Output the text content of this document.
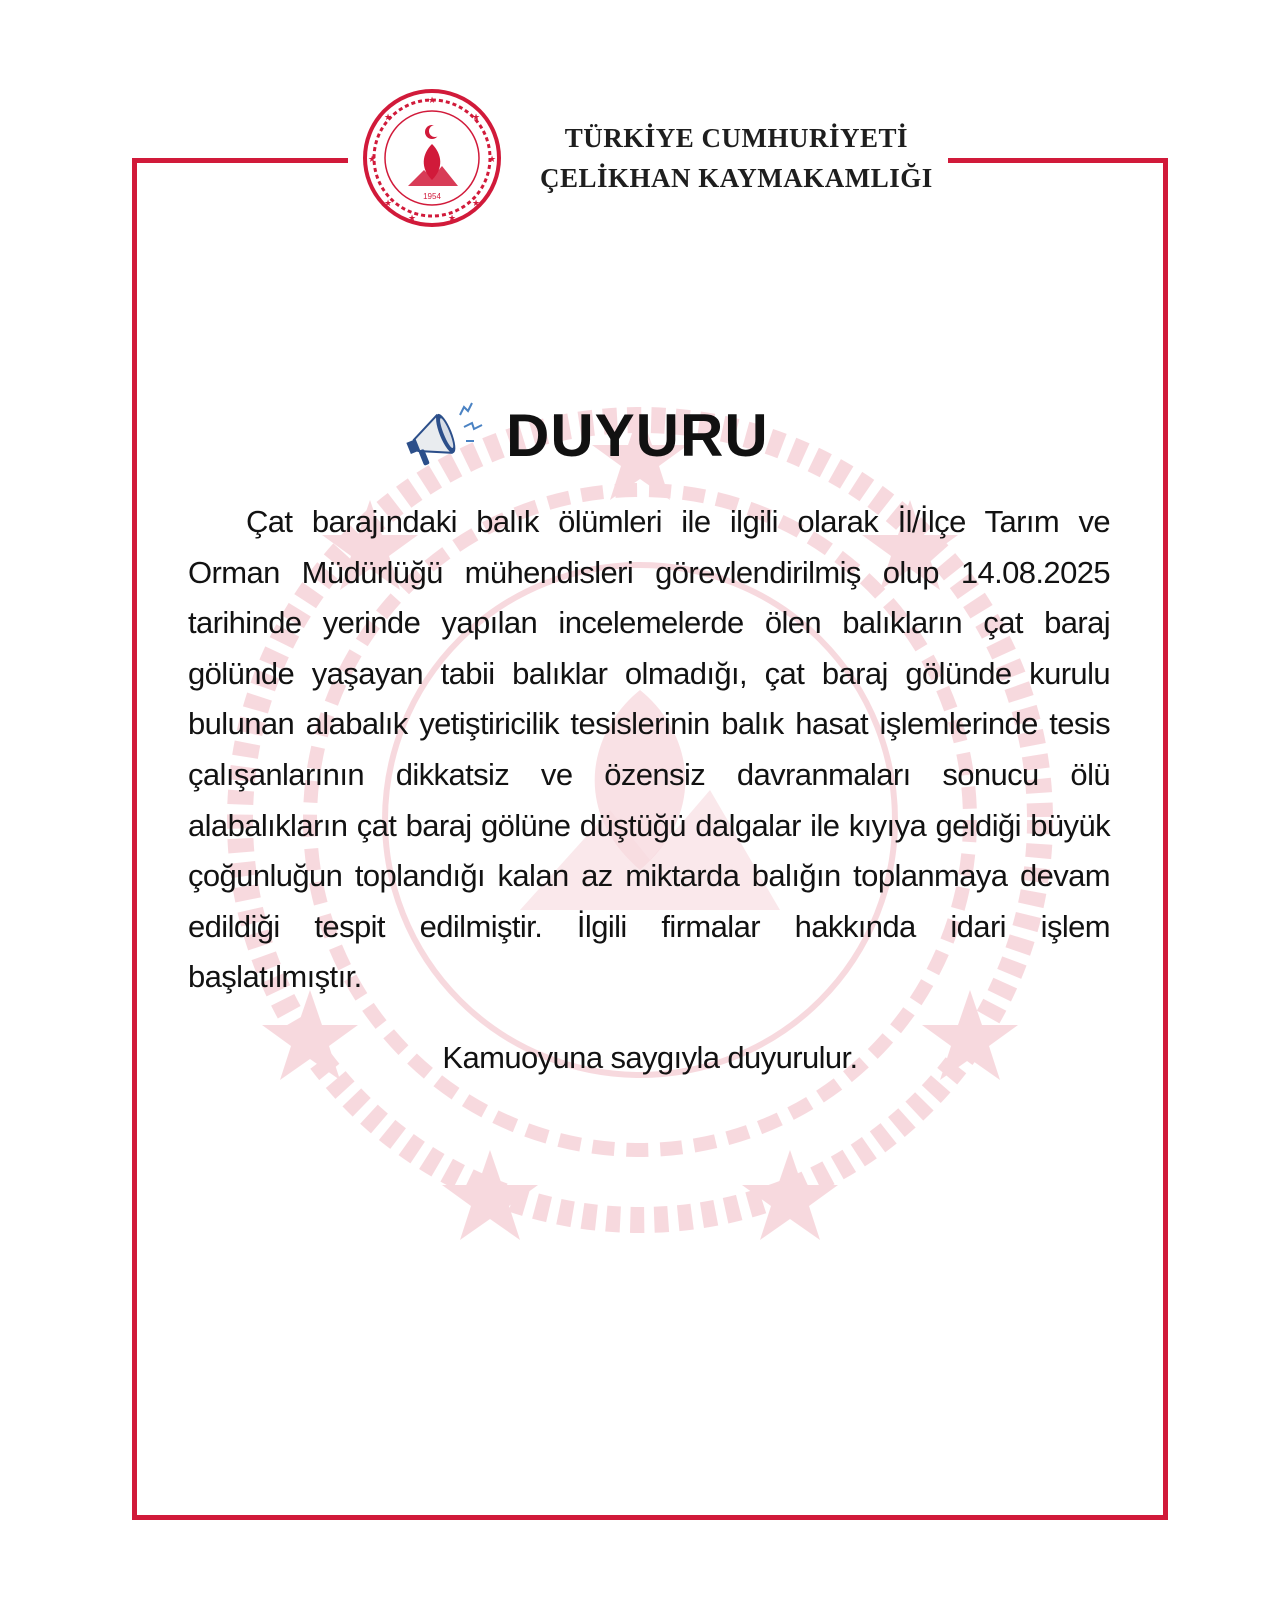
★
★	★
★	★
★	★
★	★
1954
TÜRKİYE CUMHURİYETİ
ÇELİKHAN KAYMAKAMLIĞI
DUYURU
Çat barajındaki balık ölümleri ile ilgili olarak İl/İlçe Tarım ve Orman Müdürlüğü mühendisleri görevlendirilmiş olup 14.08.2025 tarihinde yerinde yapılan incelemelerde ölen balıkların çat baraj gölünde yaşayan tabii balıklar olmadığı, çat baraj gölünde kurulu bulunan alabalık yetiştiricilik tesislerinin balık hasat işlemlerinde tesis çalışanlarının dikkatsiz ve özensiz davranmaları sonucu ölü alabalıkların çat baraj gölüne düştüğü dalgalar ile kıyıya geldiği büyük çoğunluğun toplandığı kalan az miktarda balığın toplanmaya devam edildiği tespit edilmiştir. İlgili firmalar hakkında idari işlem başlatılmıştır.
Kamuoyuna saygıyla duyurulur.
